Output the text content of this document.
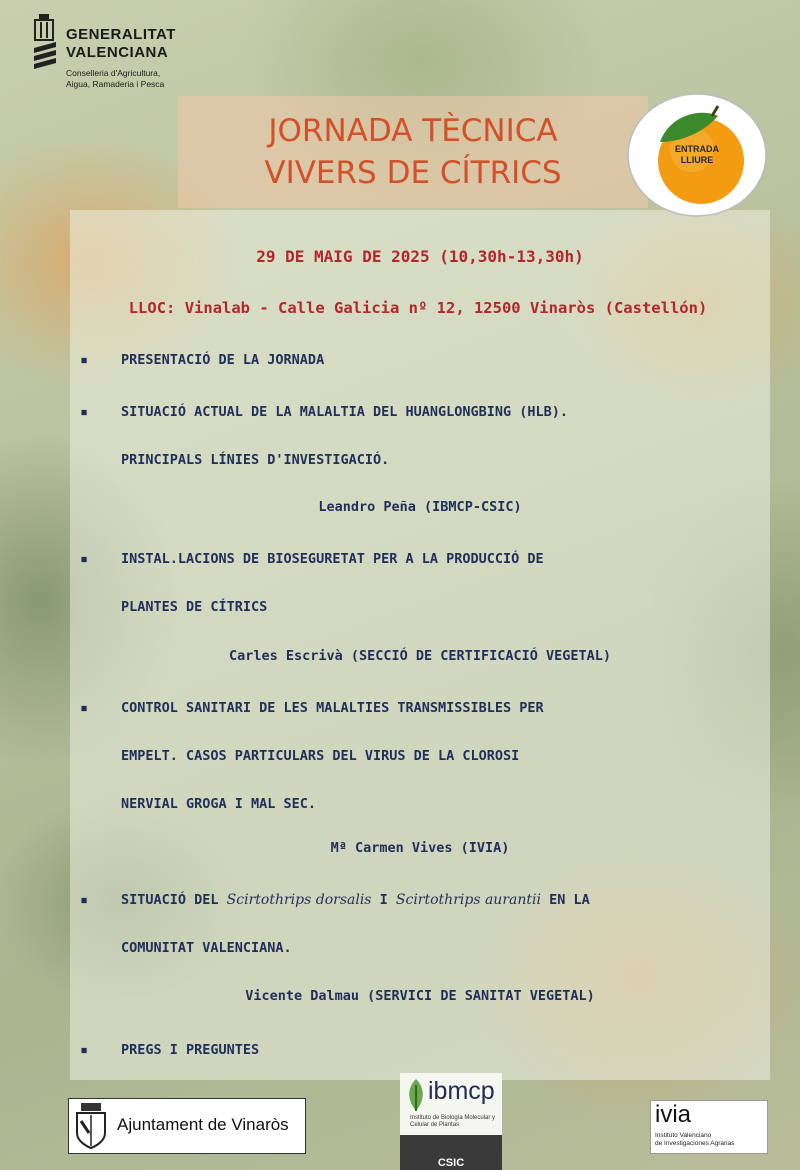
GENERALITAT
VALENCIANA
Conselleria d'Agricultura,
Aigua, Ramaderia i Pesca
JORNADA TÈCNICA
VIVERS DE CÍTRICS
ENTRADA
LLIURE
29 DE MAIG DE 2025 (10,30h-13,30h)
LLOC: Vinalab - Calle Galicia nº 12, 12500 Vinaròs (Castellón)
▪ PRESENTACIÓ DE LA JORNADA
▪ SITUACIÓ ACTUAL DE LA MALALTIA DEL HUANGLONGBING (HLB).
PRINCIPALS LÍNIES D'INVESTIGACIÓ.
Leandro Peña (IBMCP-CSIC)
▪ INSTAL.LACIONS DE BIOSEGURETAT PER A LA PRODUCCIÓ DE
PLANTES DE CÍTRICS
Carles Escrivà (SECCIÓ DE CERTIFICACIÓ VEGETAL)
▪ CONTROL SANITARI DE LES MALALTIES TRANSMISSIBLES PER
EMPELT. CASOS PARTICULARS DEL VIRUS DE LA CLOROSI
NERVIAL GROGA I MAL SEC.
Mª Carmen Vives (IVIA)
▪ SITUACIÓ DEL Scirtothrips dorsalis I Scirtothrips aurantii EN LA
COMUNITAT VALENCIANA.
Vicente Dalmau (SERVICI DE SANITAT VEGETAL)
▪ PREGS I PREGUNTES
Ajuntament de Vinaròs
ibmcp
Instituto de Biología Molecular y Celular de Plantas
CSIC
ivia
Instituto Valenciano
de Investigaciones Agrarias
